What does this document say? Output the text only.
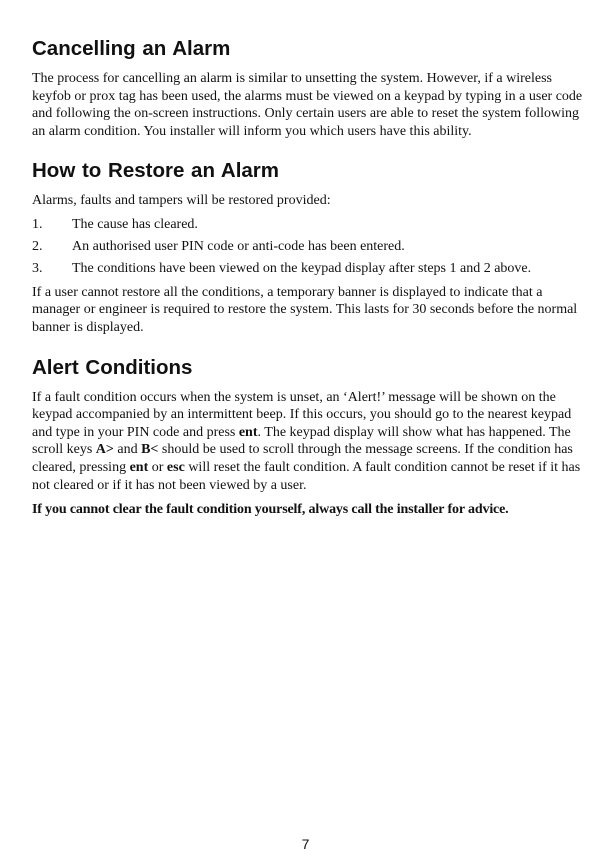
Cancelling an Alarm

The process for cancelling an alarm is similar to unsetting the system. However, if a wireless keyfob or prox tag has been used, the alarms must be viewed on a keypad by typing in a user code and following the on-screen instructions. Only certain users are able to reset the system following an alarm condition. You installer will inform you which users have this ability.

How to Restore an Alarm

Alarms, faults and tampers will be restored provided:

1.	The cause has cleared.
2.	An authorised user PIN code or anti-code has been entered.
3.	The conditions have been viewed on the keypad display after steps 1 and 2 above.

If a user cannot restore all the conditions, a temporary banner is displayed to indicate that a manager or engineer is required to restore the system. This lasts for 30 seconds before the normal banner is displayed.

Alert Conditions

If a fault condition occurs when the system is unset, an ‘Alert!’ message will be shown on the keypad accompanied by an intermittent beep. If this occurs, you should go to the nearest keypad and type in your PIN code and press ent. The keypad display will show what has happened. The scroll keys A> and B< should be used to scroll through the message screens. If the condition has cleared, pressing ent or esc will reset the fault condition. A fault condition cannot be reset if it has not cleared or if it has not been viewed by a user.

If you cannot clear the fault condition yourself, always call the installer for advice.

7
